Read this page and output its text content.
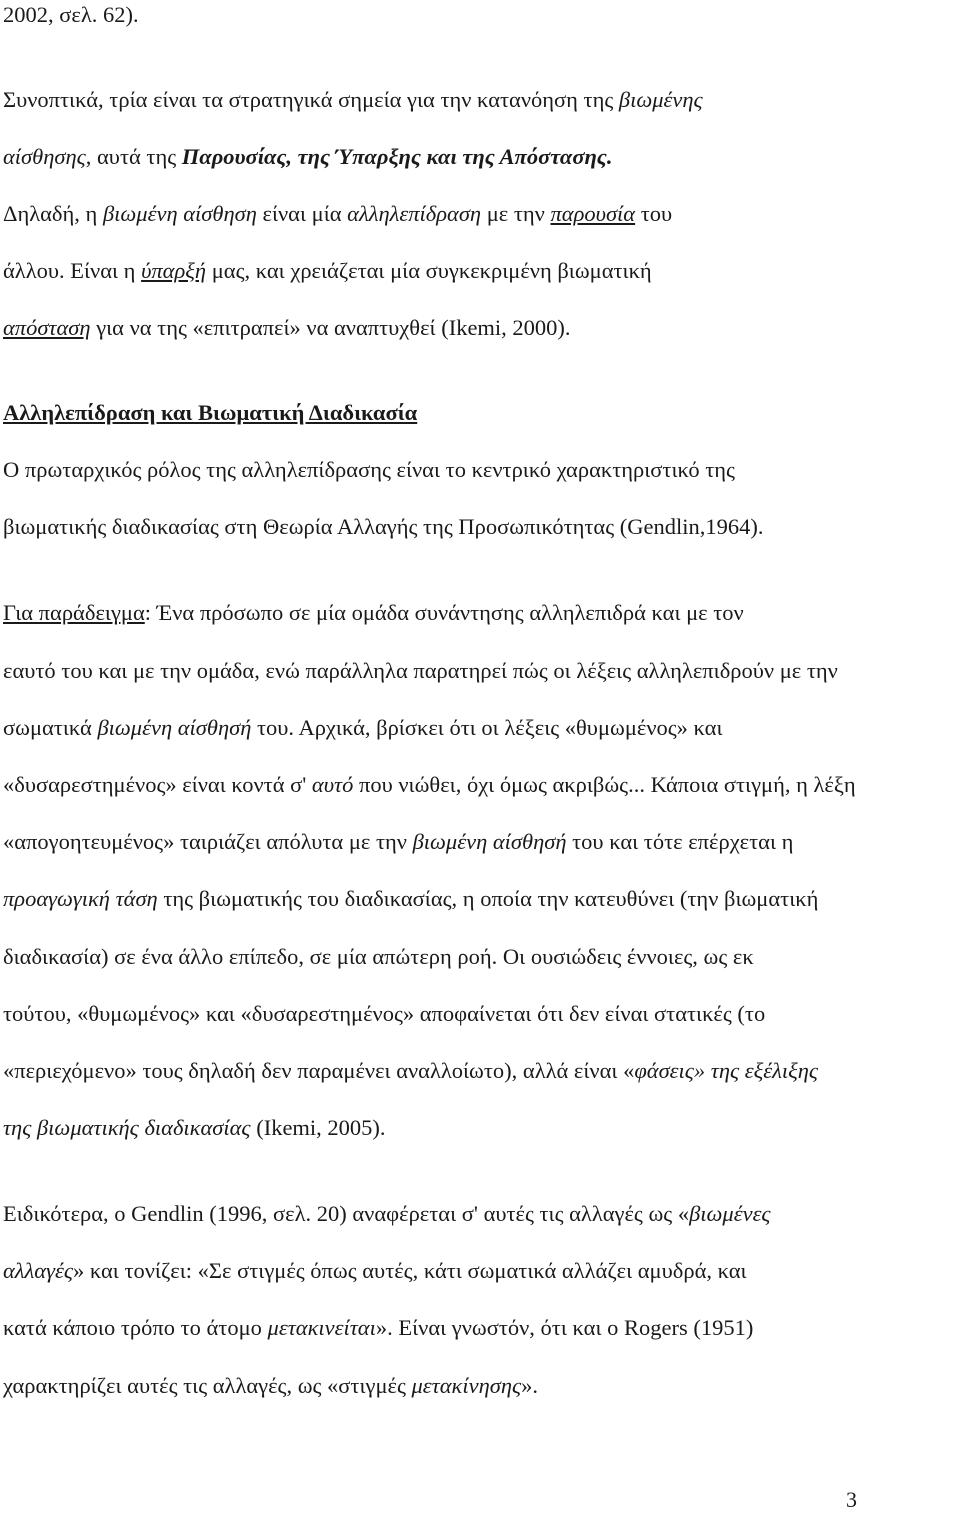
2002, σελ. 62).
Συνοπτικά, τρία είναι τα στρατηγικά σημεία για την κατανόηση της βιωμένης
αίσθησης, αυτά της Παρουσίας, της Ύπαρξης και της Απόστασης.
Δηλαδή, η βιωμένη αίσθηση είναι μία αλληλεπίδραση με την παρουσία του
άλλου. Είναι η ύπαρξή μας, και χρειάζεται μία συγκεκριμένη βιωματική
απόσταση για να της «επιτραπεί» να αναπτυχθεί (Ikemi, 2000).
Αλληλεπίδραση και Βιωματική Διαδικασία
Ο πρωταρχικός ρόλος της αλληλεπίδρασης είναι το κεντρικό χαρακτηριστικό της
βιωματικής διαδικασίας στη Θεωρία Αλλαγής της Προσωπικότητας (Gendlin,1964).
Για παράδειγμα: Ένα πρόσωπο σε μία ομάδα συνάντησης αλληλεπιδρά και με τον
εαυτό του και με την ομάδα, ενώ παράλληλα παρατηρεί πώς οι λέξεις αλληλεπιδρούν με την
σωματικά βιωμένη αίσθησή του. Αρχικά, βρίσκει ότι οι λέξεις «θυμωμένος» και
«δυσαρεστημένος» είναι κοντά σ' αυτό που νιώθει, όχι όμως ακριβώς... Κάποια στιγμή, η λέξη
«απογοητευμένος» ταιριάζει απόλυτα με την βιωμένη αίσθησή του και τότε επέρχεται η
προαγωγική τάση της βιωματικής του διαδικασίας, η οποία την κατευθύνει (την βιωματική
διαδικασία) σε ένα άλλο επίπεδο, σε μία απώτερη ροή. Οι ουσιώδεις έννοιες, ως εκ
τούτου, «θυμωμένος» και «δυσαρεστημένος» αποφαίνεται ότι δεν είναι στατικές (το
«περιεχόμενο» τους δηλαδή δεν παραμένει αναλλοίωτο), αλλά είναι «φάσεις» της εξέλιξης
της βιωματικής διαδικασίας (Ikemi, 2005).
Ειδικότερα, ο Gendlin (1996, σελ. 20) αναφέρεται σ' αυτές τις αλλαγές ως «βιωμένες
αλλαγές» και τονίζει: «Σε στιγμές όπως αυτές, κάτι σωματικά αλλάζει αμυδρά, και
κατά κάποιο τρόπο το άτομο μετακινείται». Είναι γνωστόν, ότι και ο Rogers (1951)
χαρακτηρίζει αυτές τις αλλαγές, ως «στιγμές μετακίνησης».
3
